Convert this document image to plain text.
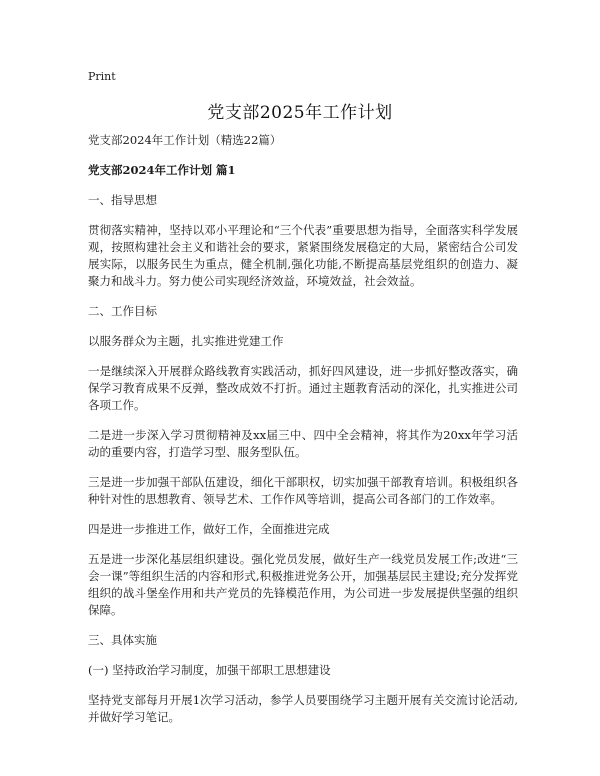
Print
党支部2025年工作计划

党支部2024年工作计划（精选22篇）

党支部2024年工作计划 篇1

一、指导思想

贯彻落实精神，坚持以邓小平理论和“三个代表”重要思想为指导，全面落实科学发展观，按照构建社会主义和谐社会的要求，紧紧围绕发展稳定的大局，紧密结合公司发展实际，以服务民生为重点，健全机制,强化功能,不断提高基层党组织的创造力、凝聚力和战斗力。努力使公司实现经济效益，环境效益，社会效益。

二、工作目标

以服务群众为主题，扎实推进党建工作

一是继续深入开展群众路线教育实践活动，抓好四风建设，进一步抓好整改落实，确保学习教育成果不反弹，整改成效不打折。通过主题教育活动的深化，扎实推进公司各项工作。

二是进一步深入学习贯彻精神及xx届三中、四中全会精神，将其作为20xx年学习活动的重要内容，打造学习型、服务型队伍。

三是进一步加强干部队伍建设，细化干部职权，切实加强干部教育培训。积极组织各种针对性的思想教育、领导艺术、工作作风等培训，提高公司各部门的工作效率。

四是进一步推进工作，做好工作，全面推进完成

五是进一步深化基层组织建设。强化党员发展，做好生产一线党员发展工作;改进“三会一课”等组织生活的内容和形式,积极推进党务公开，加强基层民主建设;充分发挥党组织的战斗堡垒作用和共产党员的先锋模范作用，为公司进一步发展提供坚强的组织保障。

三、具体实施

(一) 坚持政治学习制度，加强干部职工思想建设

坚持党支部每月开展1次学习活动，参学人员要围绕学习主题开展有关交流讨论活动,并做好学习笔记。
